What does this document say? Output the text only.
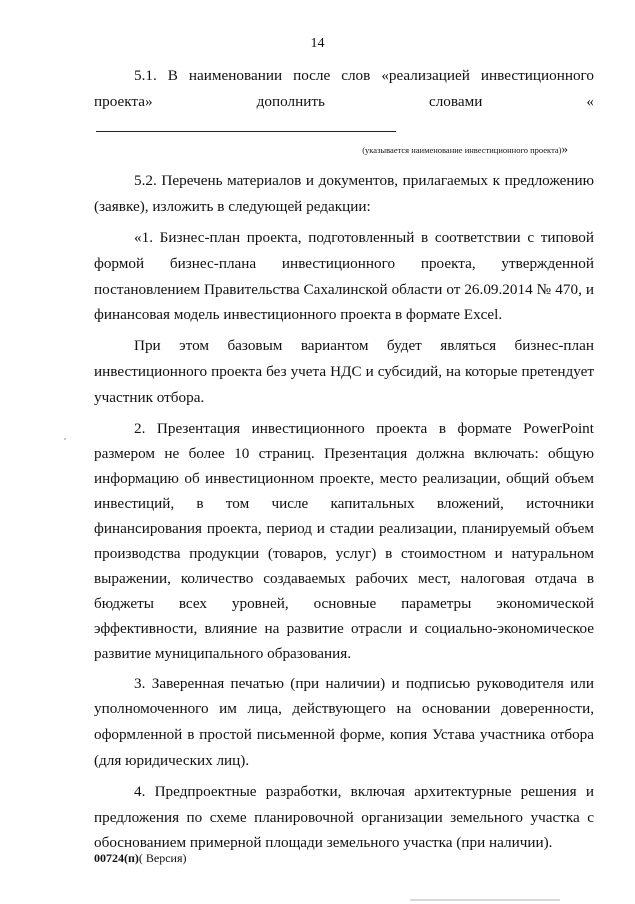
14

5.1. В наименовании после слов «реализацией инвестиционного проекта» дополнить словами «

(указывается наименование инвестиционного проекта)»

5.2. Перечень материалов и документов, прилагаемых к предложению (заявке), изложить в следующей редакции:

«1. Бизнес-план проекта, подготовленный в соответствии с типовой формой бизнес-плана инвестиционного проекта, утвержденной постановлением Правительства Сахалинской области от 26.09.2014 № 470, и финансовая модель инвестиционного проекта в формате Excel.

При этом базовым вариантом будет являться бизнес-план инвестиционного проекта без учета НДС и субсидий, на которые претендует участник отбора.

2. Презентация инвестиционного проекта в формате PowerPoint размером не более 10 страниц. Презентация должна включать: общую информацию об инвестиционном проекте, место реализации, общий объем инвестиций, в том числе капитальных вложений, источники финансирования проекта, период и стадии реализации, планируемый объем производства продукции (товаров, услуг) в стоимостном и натуральном выражении, количество создаваемых рабочих мест, налоговая отдача в бюджеты всех уровней, основные параметры экономической эффективности, влияние на развитие отрасли и социально-экономическое развитие муниципального образования.

3. Заверенная печатью (при наличии) и подписью руководителя или уполномоченного им лица, действующего на основании доверенности, оформленной в простой письменной форме, копия Устава участника отбора (для юридических лиц).

4. Предпроектные разработки, включая архитектурные решения и предложения по схеме планировочной организации земельного участка с обоснованием примерной площади земельного участка (при наличии).

00724(п)( Версия)
